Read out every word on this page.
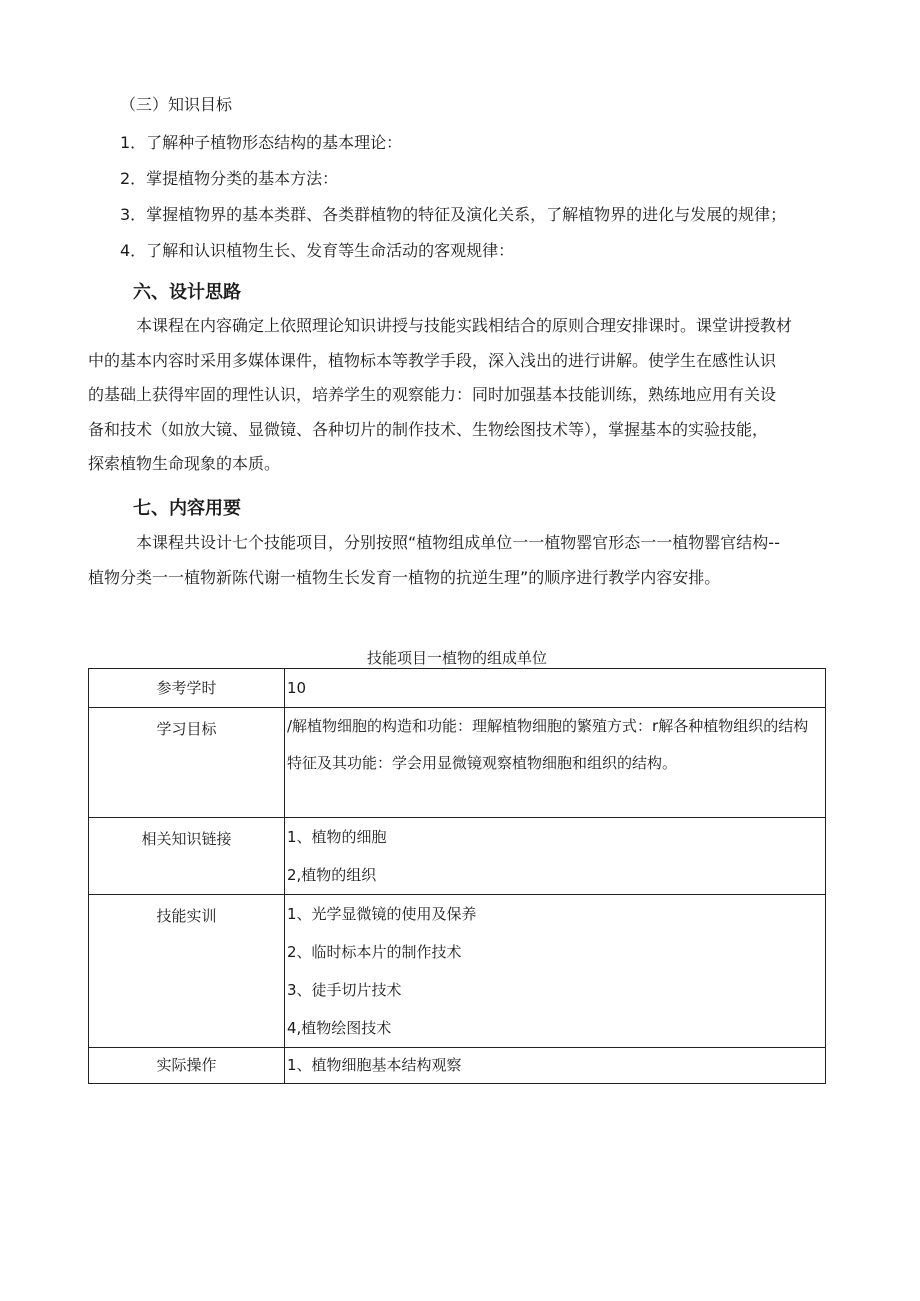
（三）知识目标
1．了解种子植物形态结构的基本理论：
2．掌提植物分类的基本方法：
3．掌握植物界的基本类群、各类群植物的特征及演化关系，了解植物界的进化与发展的规律；
4．了解和认识植物生长、发育等生命活动的客观规律：
六、设计思路

本课程在内容确定上依照理论知识讲授与技能实践相结合的原则合理安排课时。课堂讲授教材

中的基本内容时采用多媒体课件，植物标本等教学手段，深入浅出的进行讲解。使学生在感性认识

的基础上获得牢固的理性认识，培养学生的观察能力：同时加强基本技能训练，熟练地应用有关设

备和技术（如放大镜、显微镜、各种切片的制作技术、生物绘图技术等），掌握基本的实验技能，

探索植物生命现象的本质。

七、内容用要

本课程共设计七个技能项目，分别按照“植物组成单位一一植物罂官形态一一植物罂官结构--

植物分类一一植物新陈代谢一植物生长发育一植物的抗逆生理”的顺序进行教学内容安排。

技能项目一植物的组成单位
参考学时	10

学习目标	/解植物细胞的构造和功能：理解植物细胞的繁殖方式：r解各种植物组织的结构特征及其功能：学会用显微镜观察植物细胞和组织的结构。

相关知识链接	1、植物的细胞
2,植物的组织

技能实训	1、光学显微镜的使用及保养
2、临时标本片的制作技术
3、徒手切片技术
4,植物绘图技术

实际操作	1、植物细胞基本结构观察
